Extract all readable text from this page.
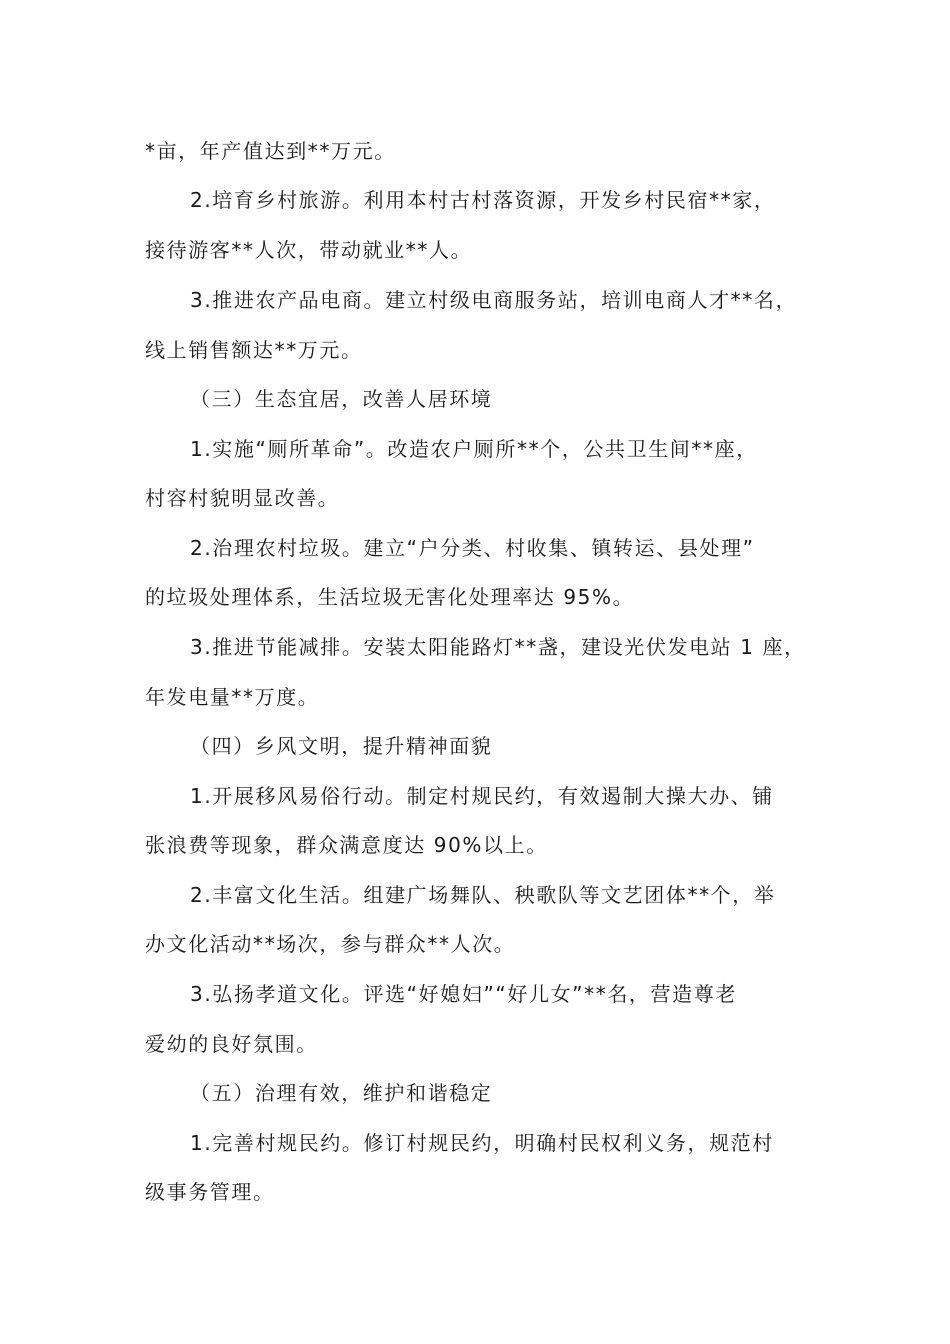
*亩，年产值达到**万元。
2.培育乡村旅游。利用本村古村落资源，开发乡村民宿**家，
接待游客**人次，带动就业**人。
3.推进农产品电商。建立村级电商服务站，培训电商人才**名，
线上销售额达**万元。
（三）生态宜居，改善人居环境
1.实施“厕所革命”。改造农户厕所**个，公共卫生间**座，
村容村貌明显改善。
2.治理农村垃圾。建立“户分类、村收集、镇转运、县处理”
的垃圾处理体系，生活垃圾无害化处理率达 95%。
3.推进节能减排。安装太阳能路灯**盏，建设光伏发电站 1 座，
年发电量**万度。
（四）乡风文明，提升精神面貌
1.开展移风易俗行动。制定村规民约，有效遏制大操大办、铺
张浪费等现象，群众满意度达 90%以上。
2.丰富文化生活。组建广场舞队、秧歌队等文艺团体**个，举
办文化活动**场次，参与群众**人次。
3.弘扬孝道文化。评选“好媳妇”“好儿女”**名，营造尊老
爱幼的良好氛围。
（五）治理有效，维护和谐稳定
1.完善村规民约。修订村规民约，明确村民权利义务，规范村
级事务管理。
